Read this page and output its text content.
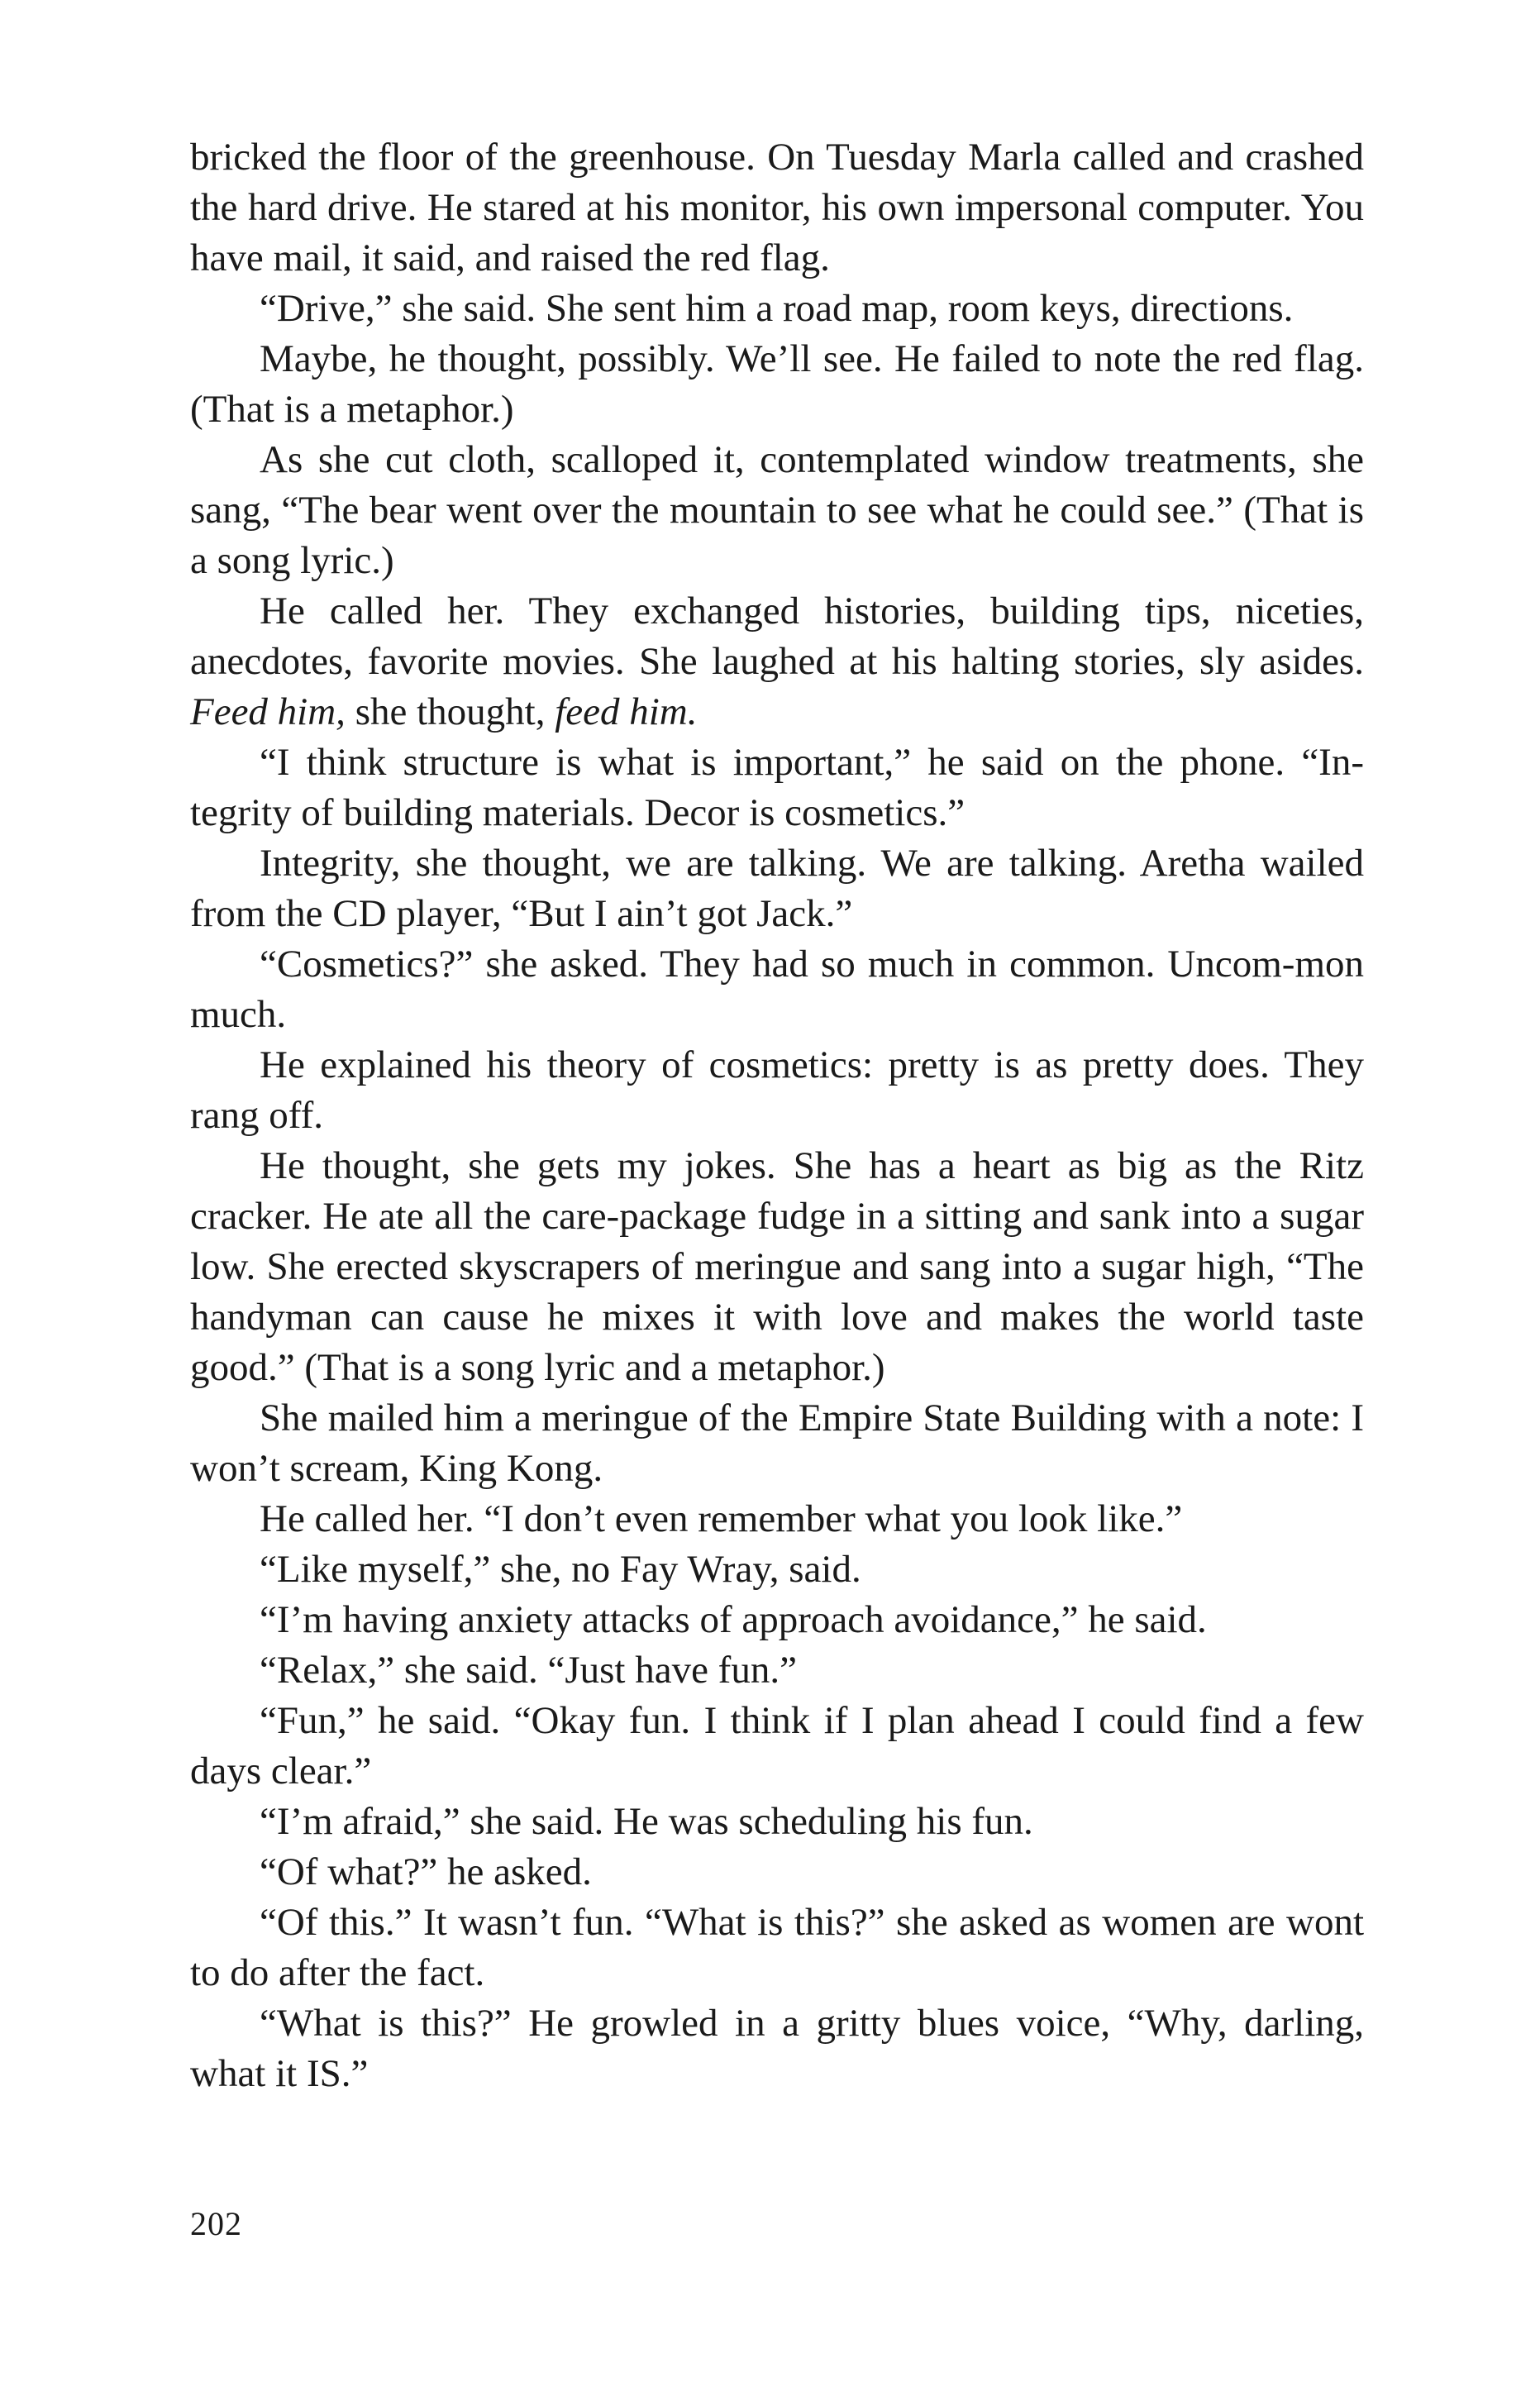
bricked the floor of the greenhouse. On Tuesday Marla called and crashed the hard drive. He stared at his monitor, his own impersonal computer. You have mail, it said, and raised the red flag.

“Drive,” she said. She sent him a road map, room keys, directions.

Maybe, he thought, possibly. We’ll see. He failed to note the red flag. (That is a metaphor.)

As she cut cloth, scalloped it, contemplated window treatments, she sang, “The bear went over the mountain to see what he could see.” (That is a song lyric.)

He called her. They exchanged histories, building tips, niceties, anecdotes, favorite movies. She laughed at his halting stories, sly asides. Feed him, she thought, feed him.

“I think structure is what is important,” he said on the phone. “In-tegrity of building materials. Decor is cosmetics.”

Integrity, she thought, we are talking. We are talking. Aretha wailed from the CD player, “But I ain’t got Jack.”

“Cosmetics?” she asked. They had so much in common. Uncom-mon much.

He explained his theory of cosmetics: pretty is as pretty does. They rang off.

He thought, she gets my jokes. She has a heart as big as the Ritz cracker. He ate all the care-package fudge in a sitting and sank into a sugar low. She erected skyscrapers of meringue and sang into a sugar high, “The handyman can cause he mixes it with love and makes the world taste good.” (That is a song lyric and a metaphor.)

She mailed him a meringue of the Empire State Building with a note: I won’t scream, King Kong.

He called her. “I don’t even remember what you look like.”

“Like myself,” she, no Fay Wray, said.

“I’m having anxiety attacks of approach avoidance,” he said.

“Relax,” she said. “Just have fun.”

“Fun,” he said. “Okay fun. I think if I plan ahead I could find a few days clear.”

“I’m afraid,” she said. He was scheduling his fun.

“Of what?” he asked.

“Of this.” It wasn’t fun. “What is this?” she asked as women are wont to do after the fact.

“What is this?” He growled in a gritty blues voice, “Why, darling, what it IS.”

202
